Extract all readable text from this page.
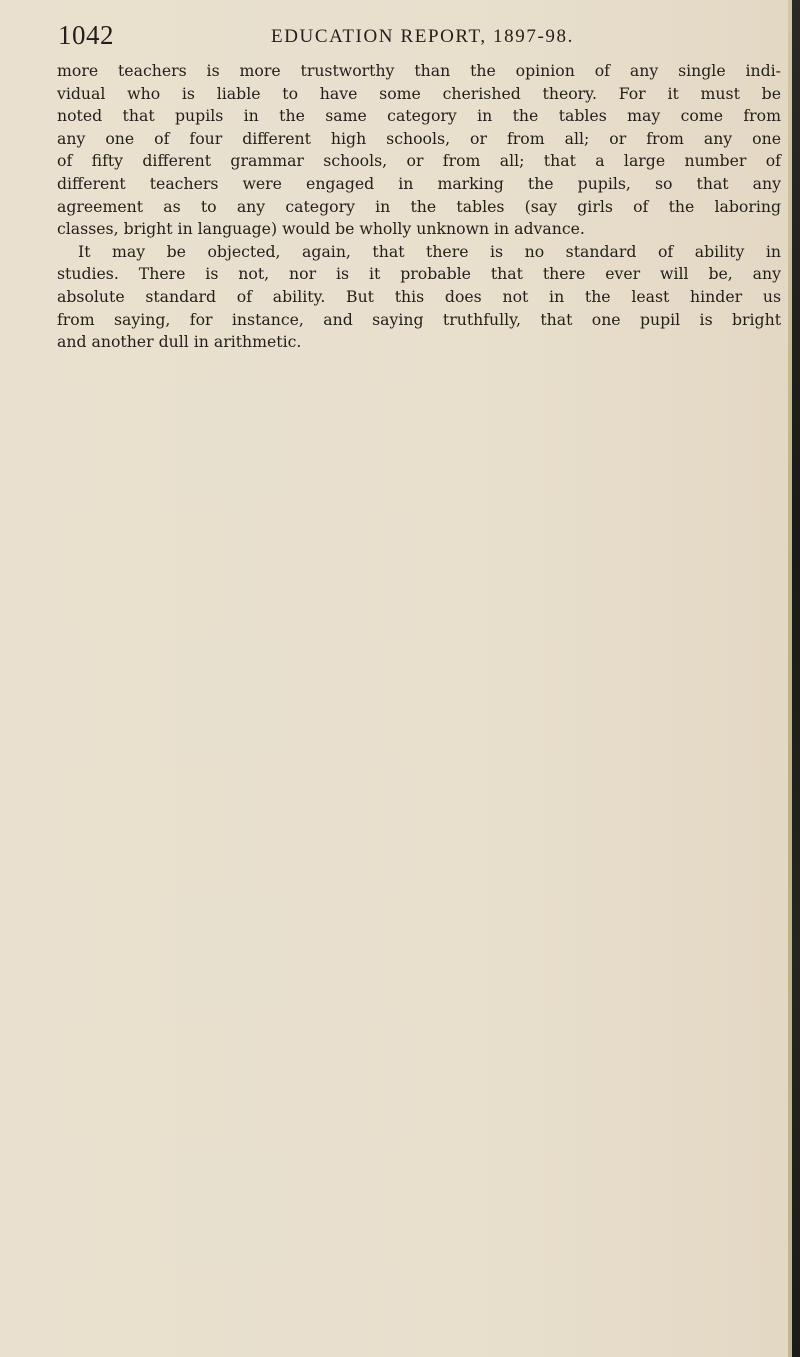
1042	EDUCATION REPORT, 1897-98.
more teachers is more trustworthy than the opinion of any single indi-
vidual who is liable to have some cherished theory. For it must be
noted that pupils in the same category in the tables may come from
any one of four different high schools, or from all; or from any one
of fifty different grammar schools, or from all; that a large number of
different teachers were engaged in marking the pupils, so that any
agreement as to any category in the tables (say girls of the laboring
classes, bright in language) would be wholly unknown in advance.
It may be objected, again, that there is no standard of ability in
studies. There is not, nor is it probable that there ever will be, any
absolute standard of ability. But this does not in the least hinder us
from saying, for instance, and saying truthfully, that one pupil is bright
and another dull in arithmetic.
